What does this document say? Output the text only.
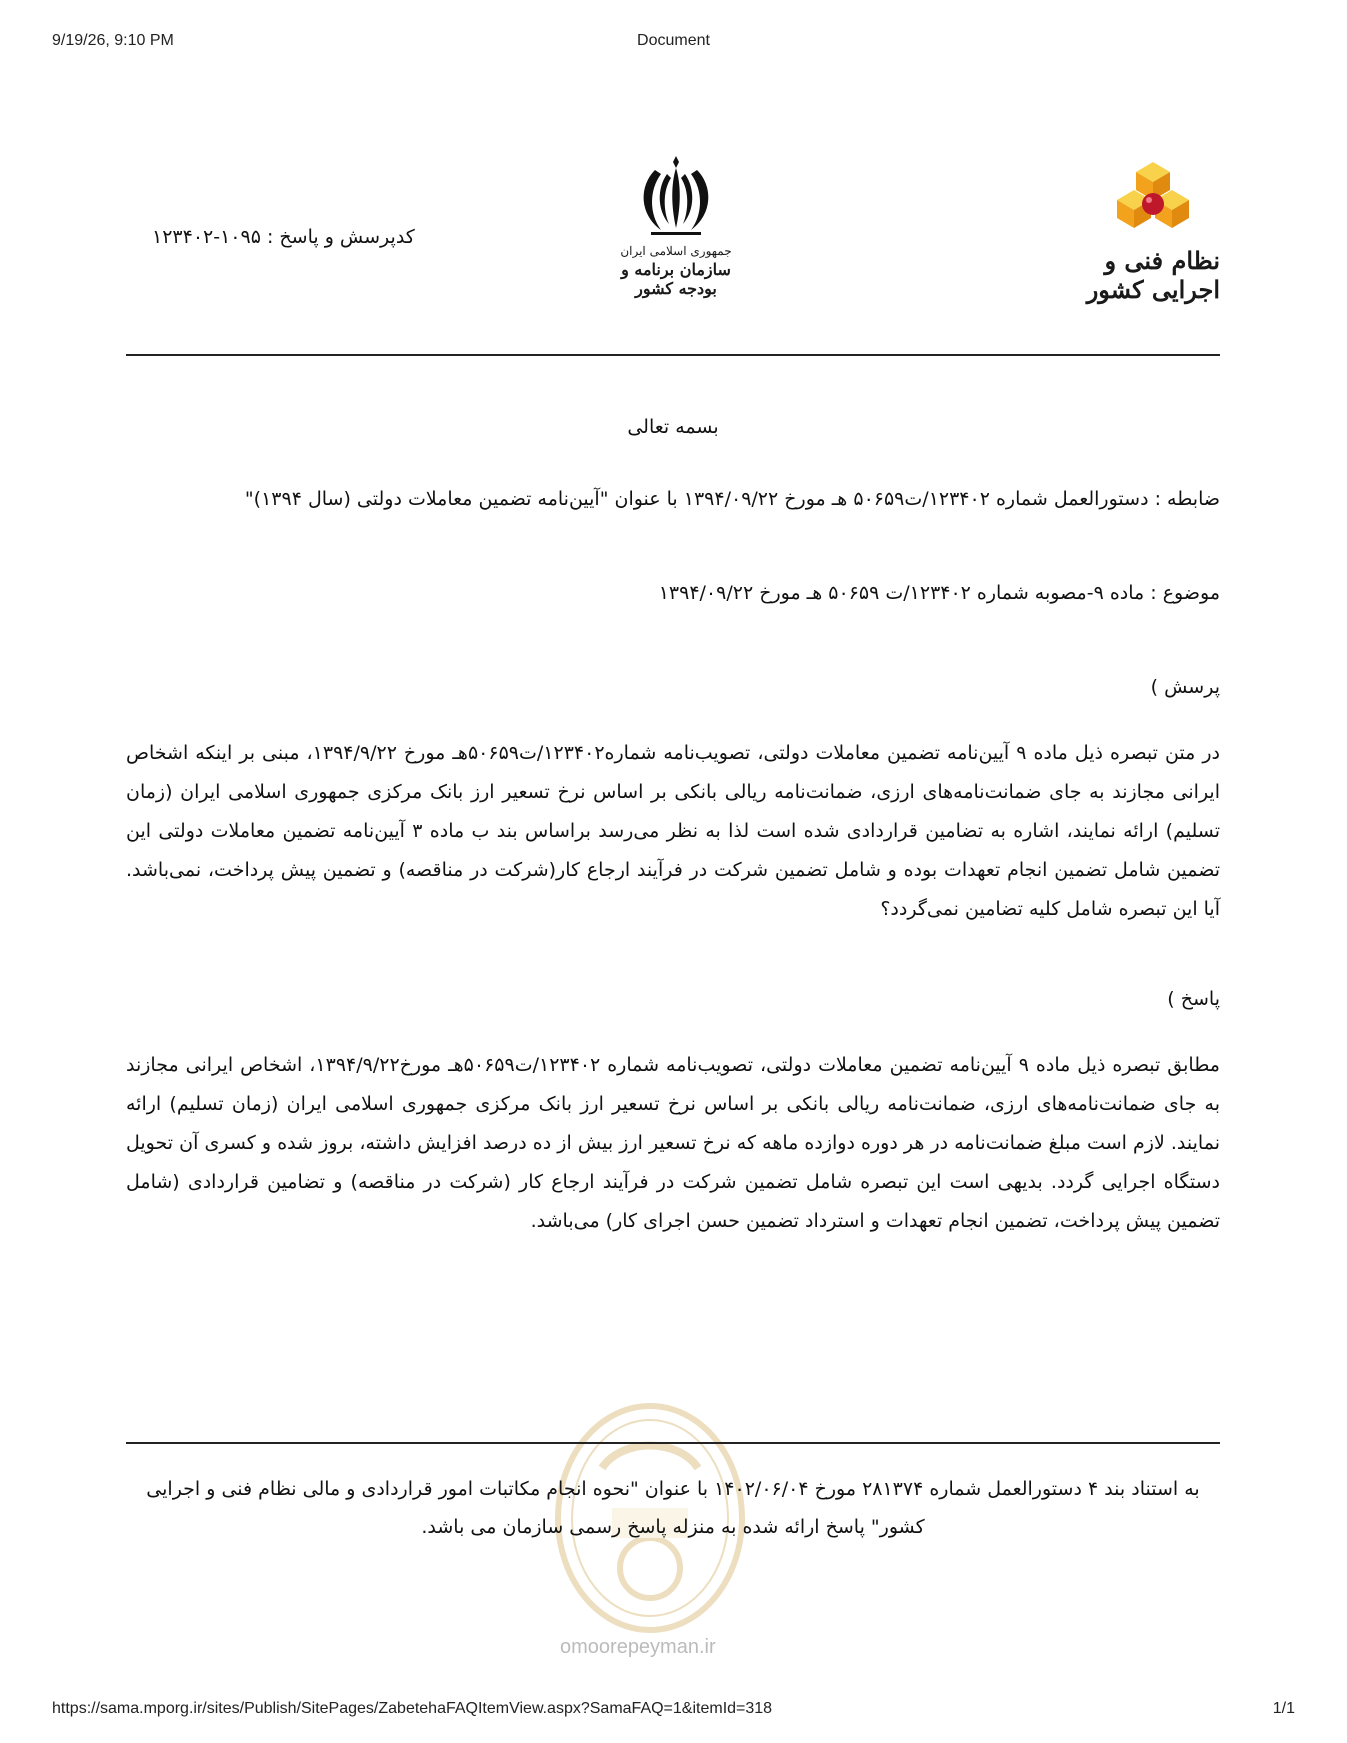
9/19/26, 9:10 PM	Document
نظام فنی و اجرایی کشور
جمهوری اسلامی ایران
سازمان برنامه و بودجه کشور
کدپرسش و پاسخ : ۱۰۹۵-۱۲۳۴۰۲
بسمه تعالی
ضابطه : دستورالعمل شماره ۱۲۳۴۰۲/ت۵۰۶۵۹ هـ مورخ ۱۳۹۴/۰۹/۲۲ با عنوان "آیین‌نامه تضمین معاملات دولتی (سال ۱۳۹۴)"
موضوع : ماده ۹-مصوبه شماره ۱۲۳۴۰۲/ت ۵۰۶۵۹ هـ مورخ ۱۳۹۴/۰۹/۲۲
پرسش )
در متن تبصره ذیل ماده ۹ آیین‌نامه تضمین معاملات دولتی، تصویب‌نامه شماره۱۲۳۴۰۲/ت۵۰۶۵۹هـ مورخ ۱۳۹۴/۹/۲۲، مبنی بر اینکه اشخاص ایرانی مجازند به جای ضمانت‌نامه‌های ارزی، ضمانت‌نامه ریالی بانکی بر اساس نرخ تسعیر ارز بانک مرکزی جمهوری اسلامی ایران (زمان تسلیم) ارائه نمایند، اشاره به تضامین قراردادی شده است لذا به نظر می‌رسد براساس بند ب ماده ۳ آیین‌نامه تضمین معاملات دولتی این تضمین شامل تضمین انجام تعهدات بوده و شامل تضمین شرکت در فرآیند ارجاع کار(شرکت در مناقصه) و تضمین پیش پرداخت، نمی‌باشد. آیا این تبصره شامل کلیه تضامین نمی‌گردد؟
پاسخ )
مطابق تبصره ذیل ماده ۹ آیین‌نامه تضمین معاملات دولتی، تصویب‌نامه شماره ۱۲۳۴۰۲/ت۵۰۶۵۹هـ مورخ۱۳۹۴/۹/۲۲، اشخاص ایرانی مجازند به جای ضمانت‌نامه‌های ارزی، ضمانت‌نامه ریالی بانکی بر اساس نرخ تسعیر ارز بانک مرکزی جمهوری اسلامی ایران (زمان تسلیم) ارائه نمایند. لازم است مبلغ ضمانت‌نامه در هر دوره دوازده ماهه که نرخ تسعیر ارز بیش از ده درصد افزایش داشته، بروز شده و کسری آن تحویل دستگاه اجرایی گردد. بدیهی است این تبصره شامل تضمین شرکت در فرآیند ارجاع کار (شرکت در مناقصه) و تضامین قراردادی (شامل تضمین پیش پرداخت، تضمین انجام تعهدات و استرداد تضمین حسن اجرای کار) می‌باشد.
به استناد بند ۴ دستورالعمل شماره ۲۸۱۳۷۴ مورخ ۱۴۰۲/۰۶/۰۴ با عنوان "نحوه انجام مکاتبات امور قراردادی و مالی نظام فنی و اجرایی کشور" پاسخ ارائه شده به منزله پاسخ رسمی سازمان می باشد.
omoorepeyman.ir
https://sama.mporg.ir/sites/Publish/SitePages/ZabetehaFAQItemView.aspx?SamaFAQ=1&itemId=318	1/1
